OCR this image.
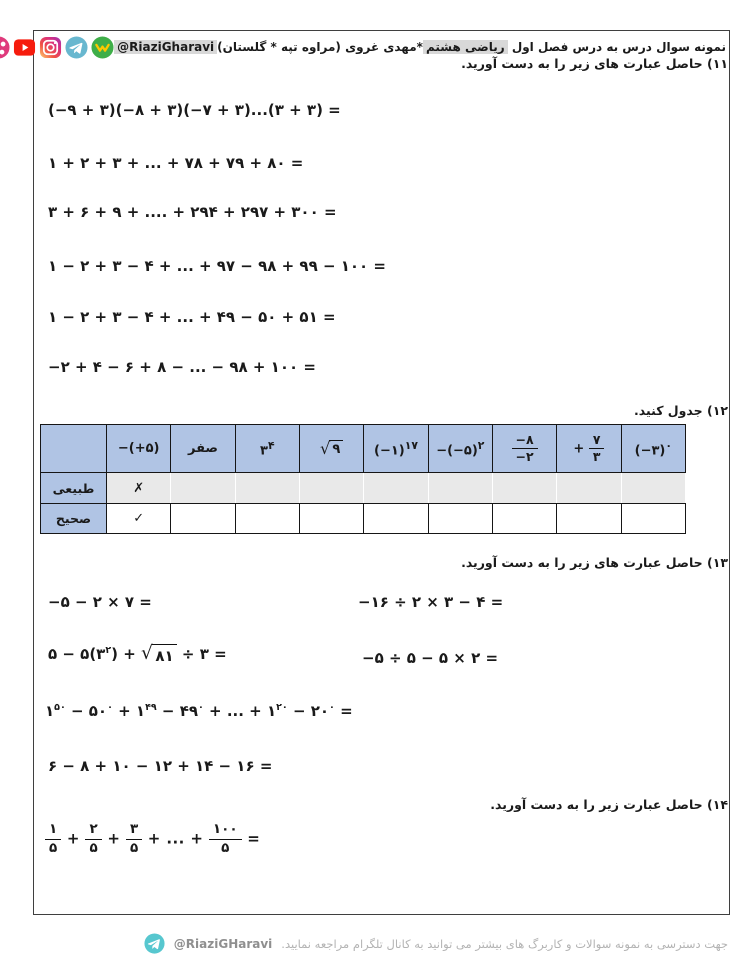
نمونه سوال درس به درس فصل اول ریاضی هشتم
*
مهدی غروی (مراوه تپه * گلستان)
@RiaziGharavi
۱۱) حاصل عبارت های زیر را به دست آورید.
(−۹ + ۳)(−۸ + ۳)(−۷ + ۳)...(۳ + ۳) =
۱ + ۲ + ۳ + ... + ۷۸ + ۷۹ + ۸۰ =
۳ + ۶ + ۹ + .... + ۲۹۴ + ۲۹۷ + ۳۰۰ =
۱ − ۲ + ۳ − ۴ + ... + ۹۷ − ۹۸ + ۹۹ − ۱۰۰ =
۱ − ۲ + ۳ − ۴ + ... + ۴۹ − ۵۰ + ۵۱ =
−۲ + ۴ − ۶ + ۸ − ... − ۹۸ + ۱۰۰ =
۱۲) جدول کنید.
	−(+۵)	صفر	$۳^۴$	√ ۹	(−۱)$^{۱۷}$	−(−۵)$^۲$	$\frac{-۸}{-۲}$	+ $\frac{۷}{۳}$	(−۳)$^۰$
طبیعی	✗								
صحیح	✓								
۱۳) حاصل عبارت های زیر را به دست آورید.
−۵ − ۲ × ۷ =	−۱۶ ÷ ۲ × ۳ − ۴ =
۵ − $۵(۳^۲)$ + √ ۸۱ ÷ ۳ =	−۵ ÷ ۵ − ۵ × ۲ =
$۱^{۵۰}$ − $۵۰^۰$ + $۱^{۴۹}$ − $۴۹^۰$ + ... + $۱^{۲۰}$ − $۲۰^۰$ =
۶ − ۸ + ۱۰ − ۱۲ + ۱۴ − ۱۶ =
۱۴) حاصل عبارت زیر را به دست آورید.
$\frac{۱}{۵} + \frac{۲}{۵} + \frac{۳}{۵}$ + ... + $\frac{۱۰۰}{۵}$ =
@RiaziGHaravi جهت دسترسی به نمونه سوالات و کاربرگ های بیشتر می توانید به کانال تلگرام مراجعه نمایید.
